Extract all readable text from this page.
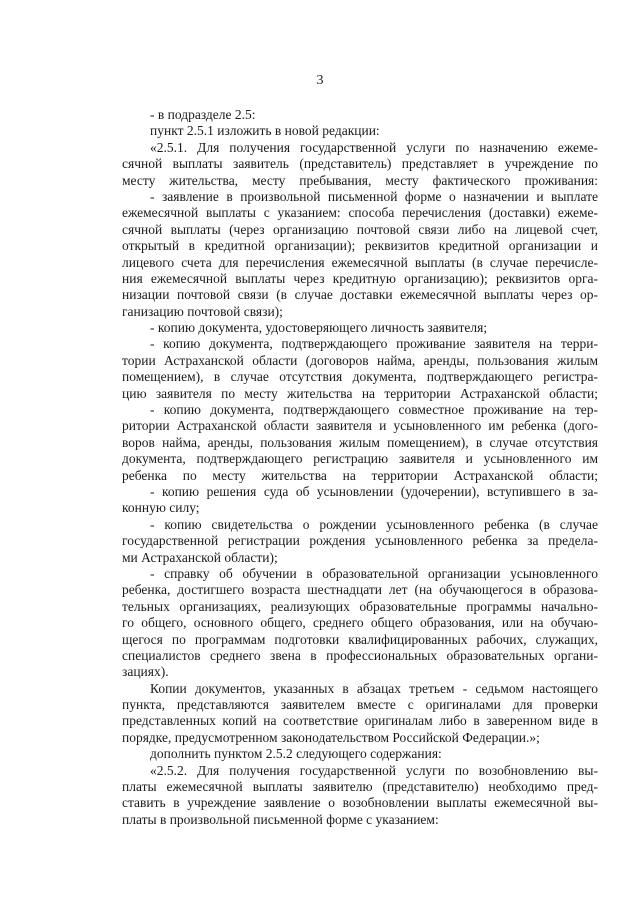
3
- в подразделе 2.5:
пункт 2.5.1 изложить в новой редакции:
«2.5.1. Для получения государственной услуги по назначению ежеме-
сячной выплаты заявитель (представитель) представляет в учреждение по
месту жительства, месту пребывания, месту фактического проживания:
- заявление в произвольной письменной форме о назначении и выплате
ежемесячной выплаты с указанием: способа перечисления (доставки) ежеме-
сячной выплаты (через организацию почтовой связи либо на лицевой счет,
открытый в кредитной организации); реквизитов кредитной организации и
лицевого счета для перечисления ежемесячной выплаты (в случае перечисле-
ния ежемесячной выплаты через кредитную организацию); реквизитов орга-
низации почтовой связи (в случае доставки ежемесячной выплаты через ор-
ганизацию почтовой связи);
- копию документа, удостоверяющего личность заявителя;
- копию документа, подтверждающего проживание заявителя на терри-
тории Астраханской области (договоров найма, аренды, пользования жилым
помещением), в случае отсутствия документа, подтверждающего регистра-
цию заявителя по месту жительства на территории Астраханской области;
- копию документа, подтверждающего совместное проживание на тер-
ритории Астраханской области заявителя и усыновленного им ребенка (дого-
воров найма, аренды, пользования жилым помещением), в случае отсутствия
документа, подтверждающего регистрацию заявителя и усыновленного им
ребенка по месту жительства на территории Астраханской области;
- копию решения суда об усыновлении (удочерении), вступившего в за-
конную силу;
- копию свидетельства о рождении усыновленного ребенка (в случае
государственной регистрации рождения усыновленного ребенка за предела-
ми Астраханской области);
- справку об обучении в образовательной организации усыновленного
ребенка, достигшего возраста шестнадцати лет (на обучающегося в образова-
тельных организациях, реализующих образовательные программы начально-
го общего, основного общего, среднего общего образования, или на обучаю-
щегося по программам подготовки квалифицированных рабочих, служащих,
специалистов среднего звена в профессиональных образовательных органи-
зациях).
Копии документов, указанных в абзацах третьем - седьмом настоящего
пункта, представляются заявителем вместе с оригиналами для проверки
представленных копий на соответствие оригиналам либо в заверенном виде в
порядке, предусмотренном законодательством Российской Федерации.»;
дополнить пунктом 2.5.2 следующего содержания:
«2.5.2. Для получения государственной услуги по возобновлению вы-
платы ежемесячной выплаты заявителю (представителю) необходимо пред-
ставить в учреждение заявление о возобновлении выплаты ежемесячной вы-
платы в произвольной письменной форме с указанием:
